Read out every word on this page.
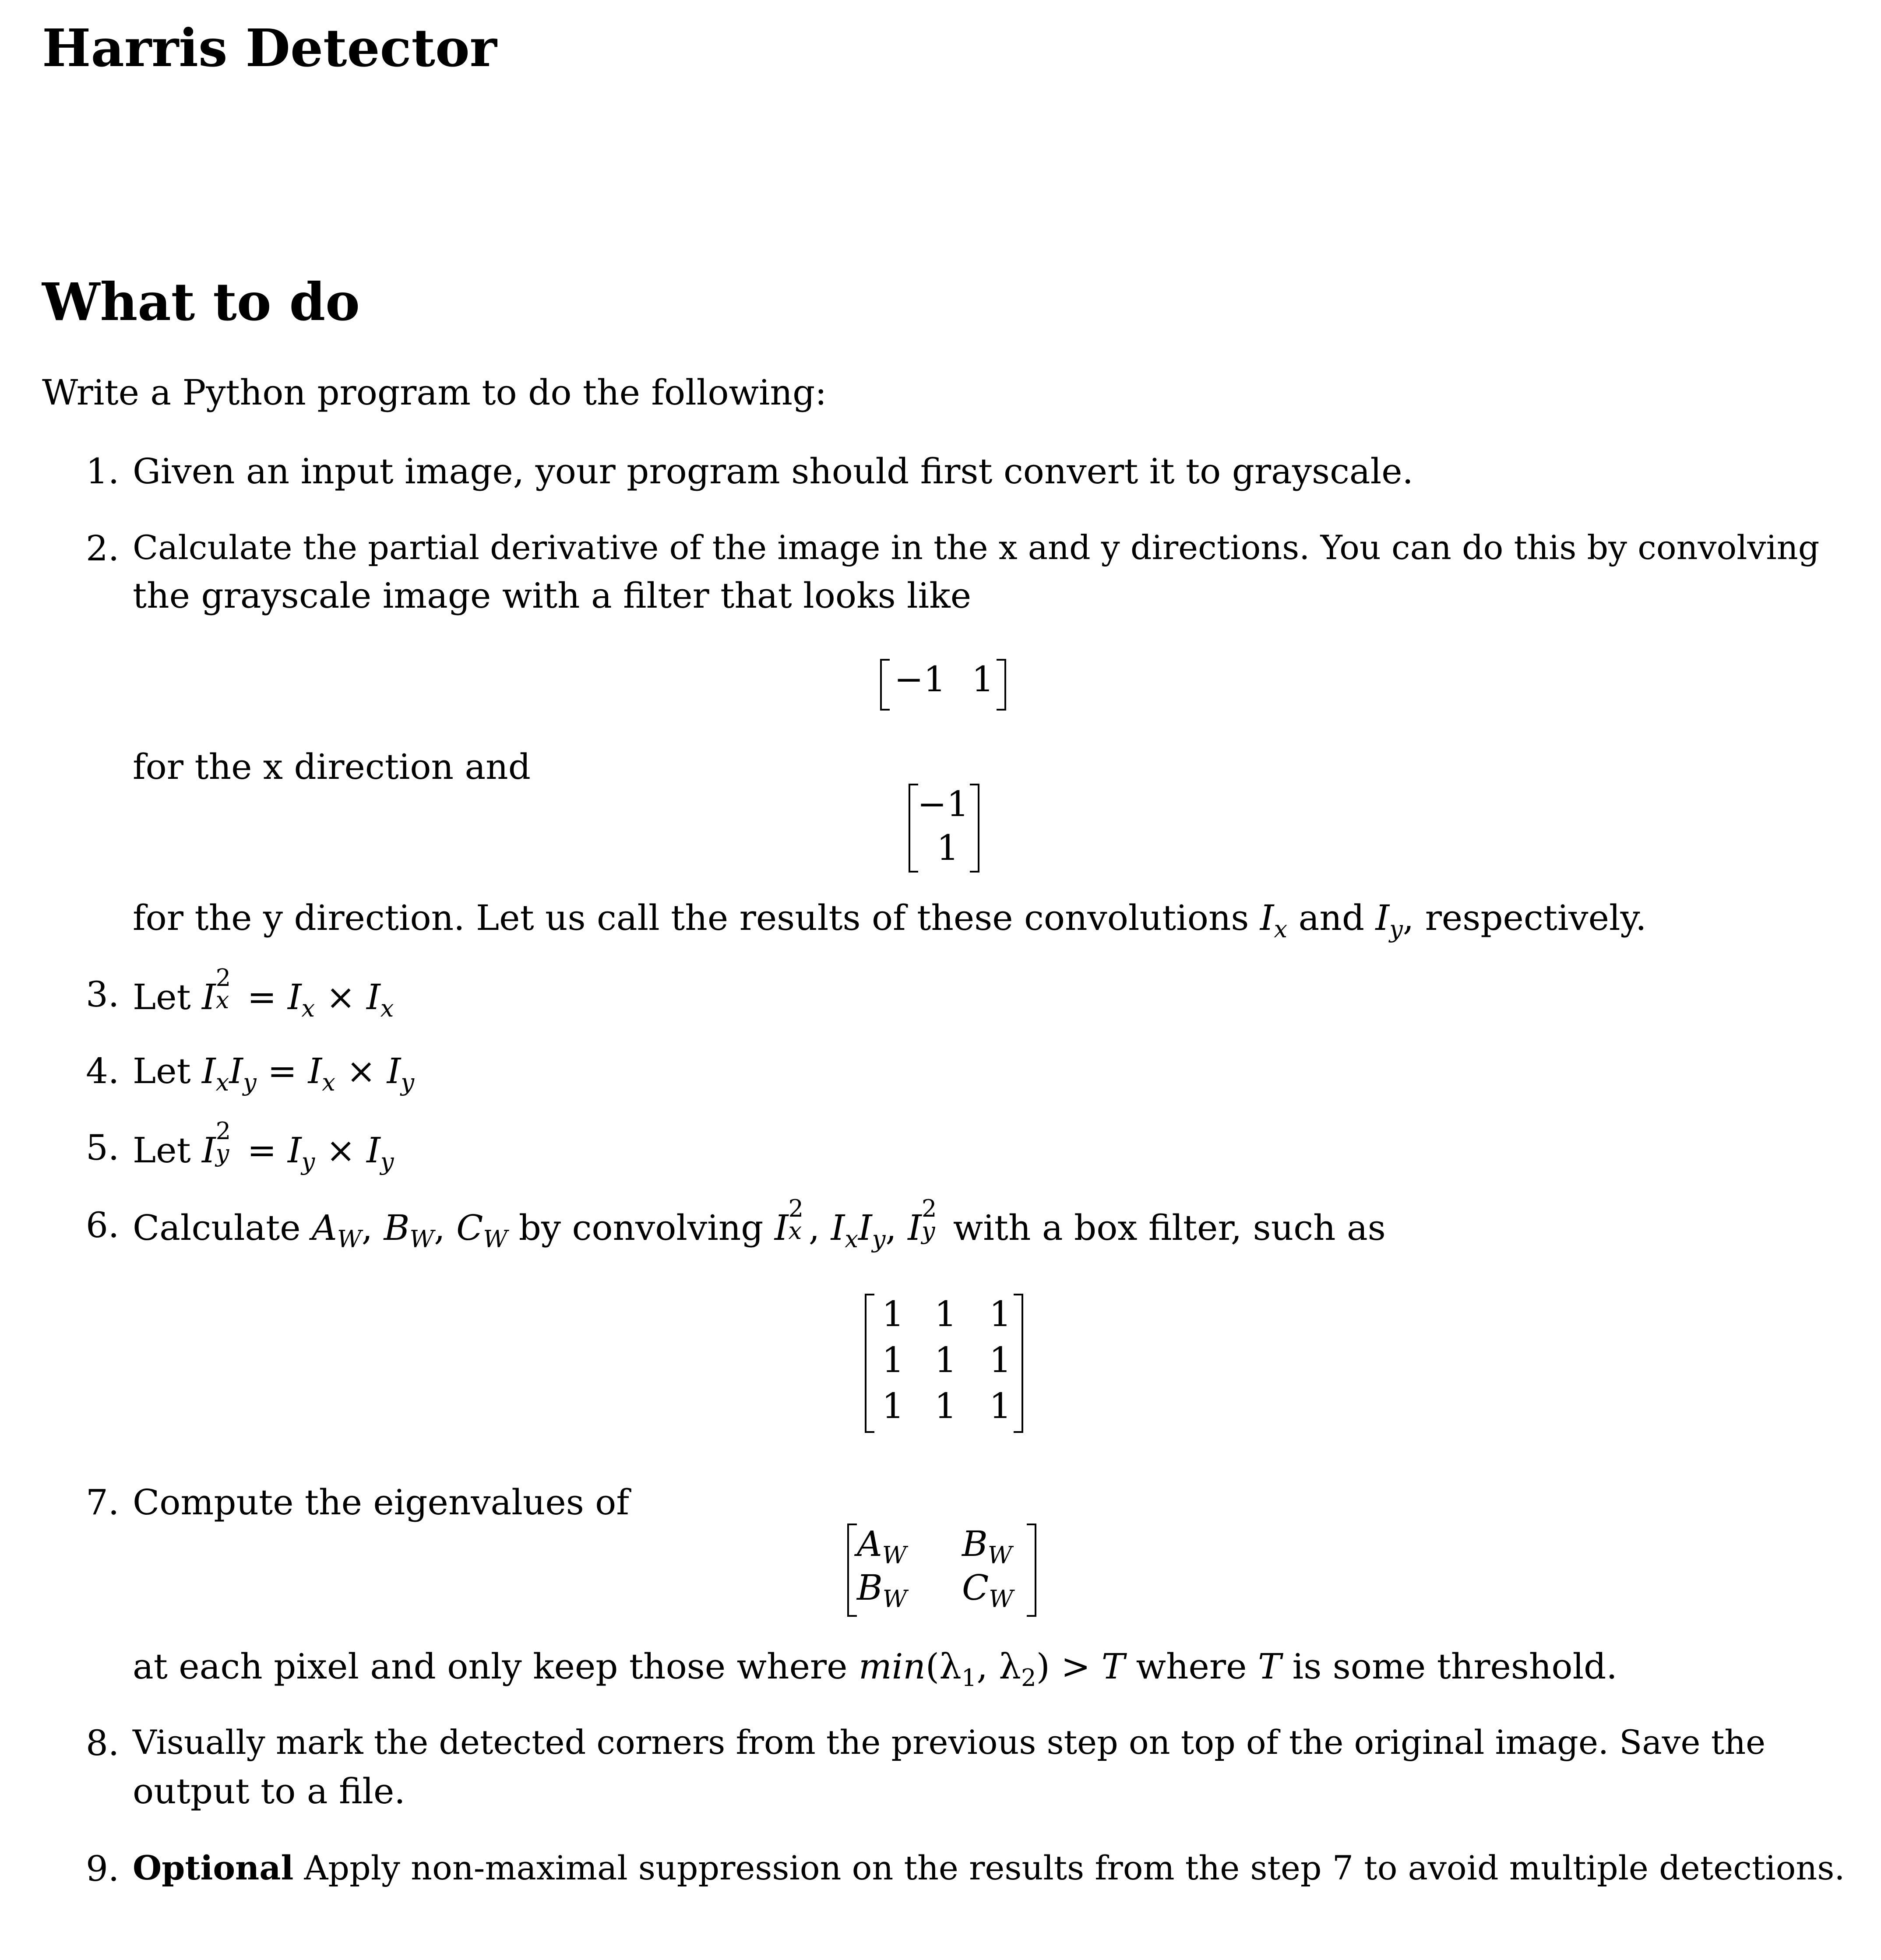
Harris Detector
What to do
Write a Python program to do the following:
1. Given an input image, your program should first convert it to grayscale.
2. Calculate the partial derivative of the image in the x and y directions. You can do this by convolving
the grayscale image with a filter that looks like
−1 1
for the x direction and
−1
1
for the y direction. Let us call the results of these convolutions $I_x$ and $I_y$, respectively.
3. Let I 2
$x = I_x \times I_x$
4. Let $I_xI_y = I_x \times I_y$
5. Let I 2
$y = I_y \times I_y$
6. Calculate $A_W$, $B_W$, $C_W$ by convolving I 2
x , $I_xI_y$, I 2
y with a box filter, such as
1 1 1
1 1 1
1 1 1
7. Compute the eigenvalues of
$A_W$	$B_W$
$B_W$	$C_W$
at each pixel and only keep those where $\min(\lambda_1$, $\lambda_2) > T$ where T is some threshold.
8. Visually mark the detected corners from the previous step on top of the original image. Save the
output to a file.
9. Optional Apply non-maximal suppression on the results from the step 7 to avoid multiple detections.
